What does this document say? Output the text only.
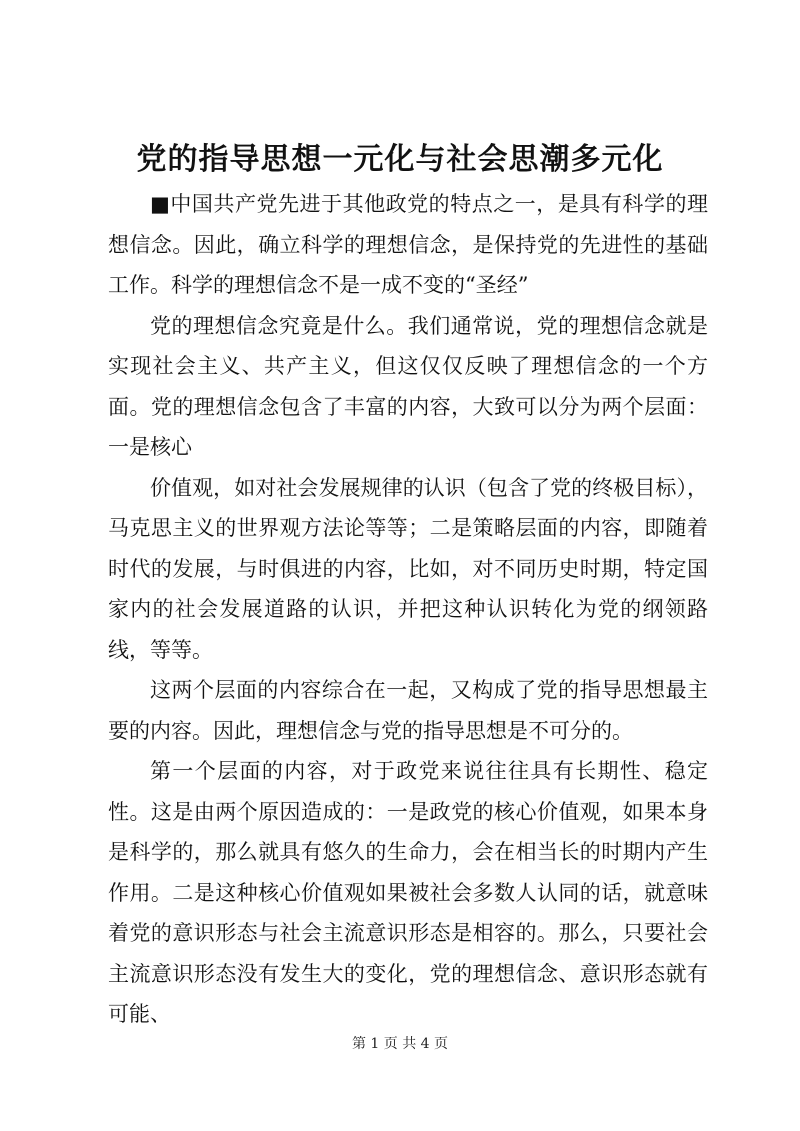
党的指导思想一元化与社会思潮多元化

■中国共产党先进于其他政党的特点之一，是具有科学的理想信念。因此，确立科学的理想信念，是保持党的先进性的基础工作。科学的理想信念不是一成不变的“圣经”

党的理想信念究竟是什么。我们通常说，党的理想信念就是实现社会主义、共产主义，但这仅仅反映了理想信念的一个方面。党的理想信念包含了丰富的内容，大致可以分为两个层面：一是核心

价值观，如对社会发展规律的认识（包含了党的终极目标），马克思主义的世界观方法论等等；二是策略层面的内容，即随着时代的发展，与时俱进的内容，比如，对不同历史时期，特定国家内的社会发展道路的认识，并把这种认识转化为党的纲领路线，等等。

这两个层面的内容综合在一起，又构成了党的指导思想最主要的内容。因此，理想信念与党的指导思想是不可分的。

第一个层面的内容，对于政党来说往往具有长期性、稳定性。这是由两个原因造成的：一是政党的核心价值观，如果本身是科学的，那么就具有悠久的生命力，会在相当长的时期内产生作用。二是这种核心价值观如果被社会多数人认同的话，就意味着党的意识形态与社会主流意识形态是相容的。那么，只要社会主流意识形态没有发生大的变化，党的理想信念、意识形态就有可能、

第 1 页 共 4 页
